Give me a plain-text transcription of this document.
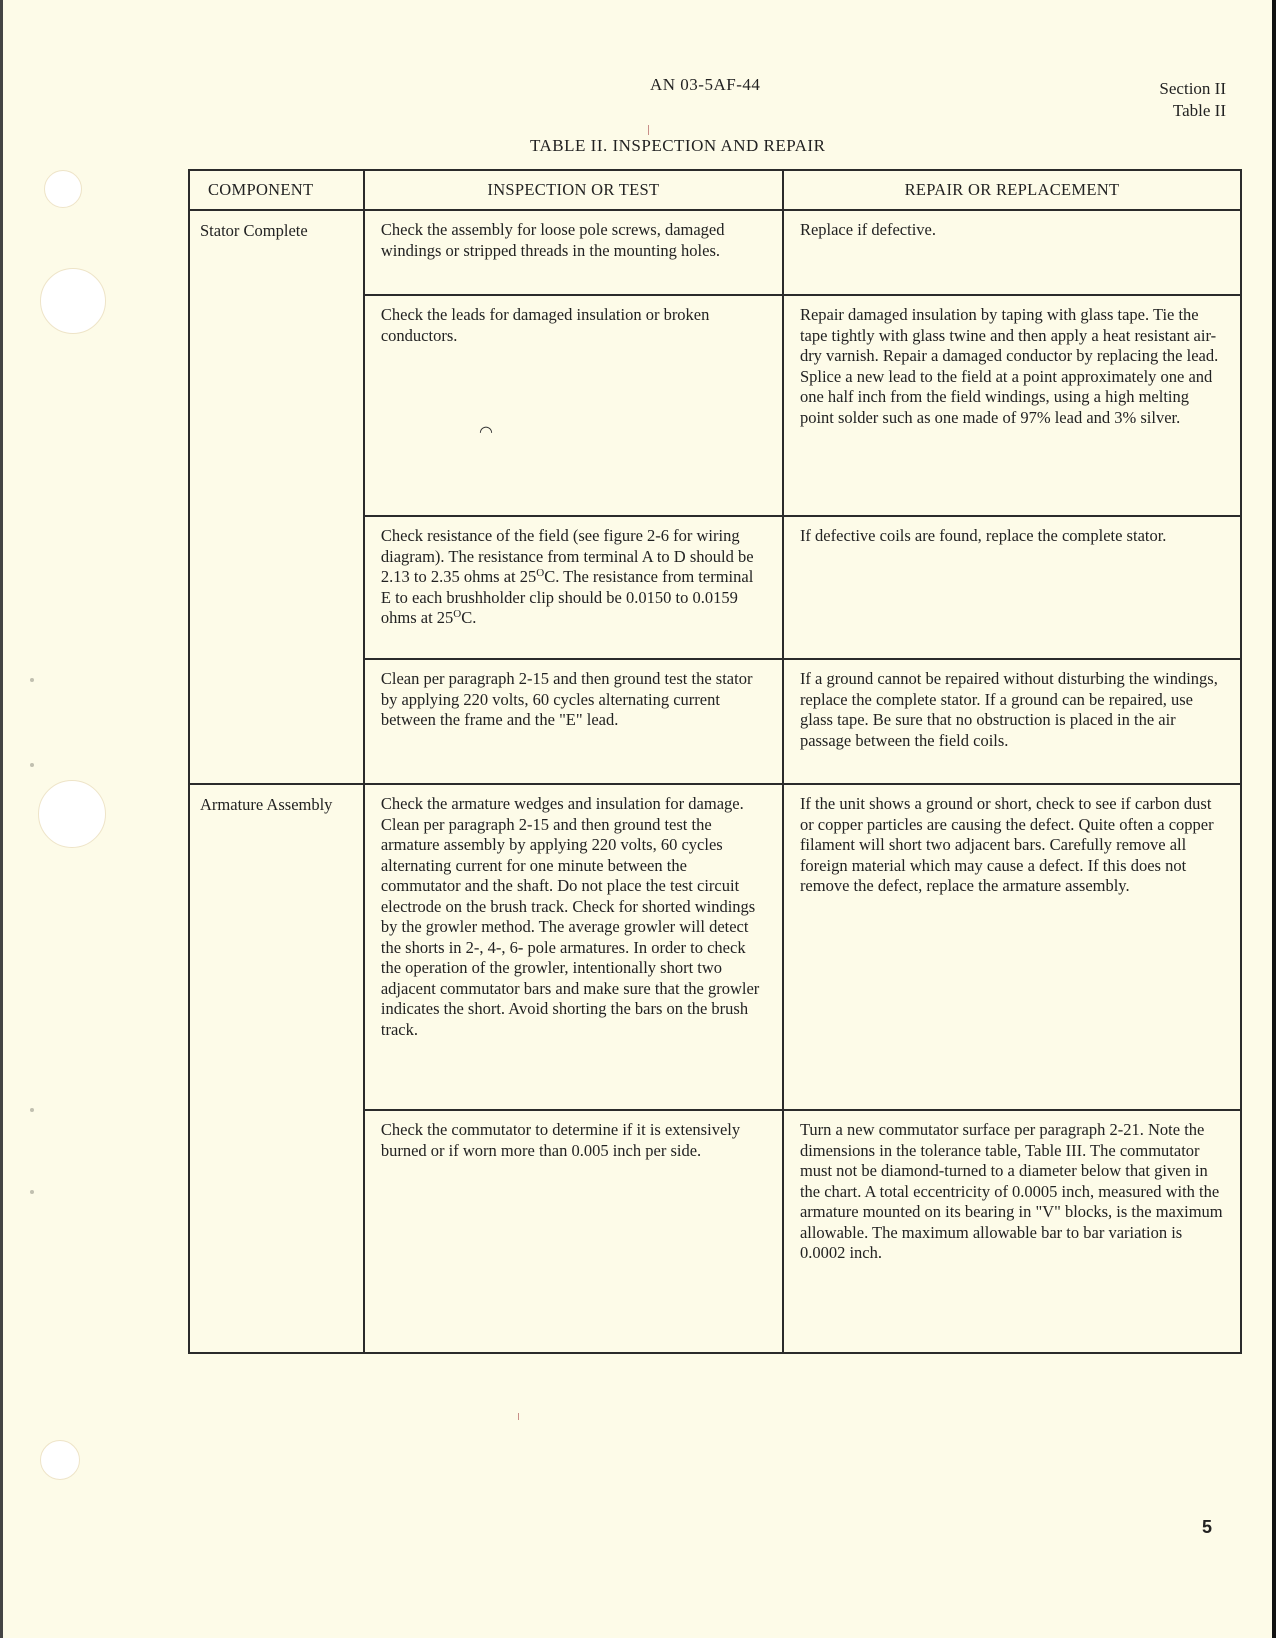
◠
AN 03-5AF-44	Section II
Table II
TABLE II. INSPECTION AND REPAIR
COMPONENT	INSPECTION OR TEST	REPAIR OR REPLACEMENT
Stator Complete	Check the assembly for loose pole screws, damaged windings or stripped threads in the mounting holes.	Replace if defective.
	Check the leads for damaged insulation or broken conductors.	Repair damaged insulation by taping with glass tape. Tie the tape tightly with glass twine and then apply a heat resistant air-dry varnish. Repair a damaged conductor by replacing the lead. Splice a new lead to the field at a point approximately one and one half inch from the field windings, using a high melting point solder such as one made of 97% lead and 3% silver.
	Check resistance of the field (see figure 2-6 for wiring diagram). The resistance from terminal A to D should be 2.13 to 2.35 ohms at $25^OC$. The resistance from terminal E to each brushholder clip should be 0.0150 to 0.0159 ohms at $25^OC$.	If defective coils are found, replace the complete stator.
	Clean per paragraph 2-15 and then ground test the stator by applying 220 volts, 60 cycles alternating current between the frame and the "E" lead.	If a ground cannot be repaired without disturbing the windings, replace the complete stator. If a ground can be repaired, use glass tape. Be sure that no obstruction is placed in the air passage between the field coils.
Armature Assembly	Check the armature wedges and insulation for damage. Clean per paragraph 2-15 and then ground test the armature assembly by applying 220 volts, 60 cycles alternating current for one minute between the commutator and the shaft. Do not place the test circuit electrode on the brush track. Check for shorted windings by the growler method. The average growler will detect the shorts in 2-, 4-, 6- pole armatures. In order to check the operation of the growler, intentionally short two adjacent commutator bars and make sure that the growler indicates the short. Avoid shorting the bars on the brush track.	If the unit shows a ground or short, check to see if carbon dust or copper particles are causing the defect. Quite often a copper filament will short two adjacent bars. Carefully remove all foreign material which may cause a defect. If this does not remove the defect, replace the armature assembly.
	Check the commutator to determine if it is extensively burned or if worn more than 0.005 inch per side.	Turn a new commutator surface per paragraph 2-21. Note the dimensions in the tolerance table, Table III. The commutator must not be diamond-turned to a diameter below that given in the chart. A total eccentricity of 0.0005 inch, measured with the armature mounted on its bearing in "V" blocks, is the maximum allowable. The maximum allowable bar to bar variation is 0.0002 inch.
5
